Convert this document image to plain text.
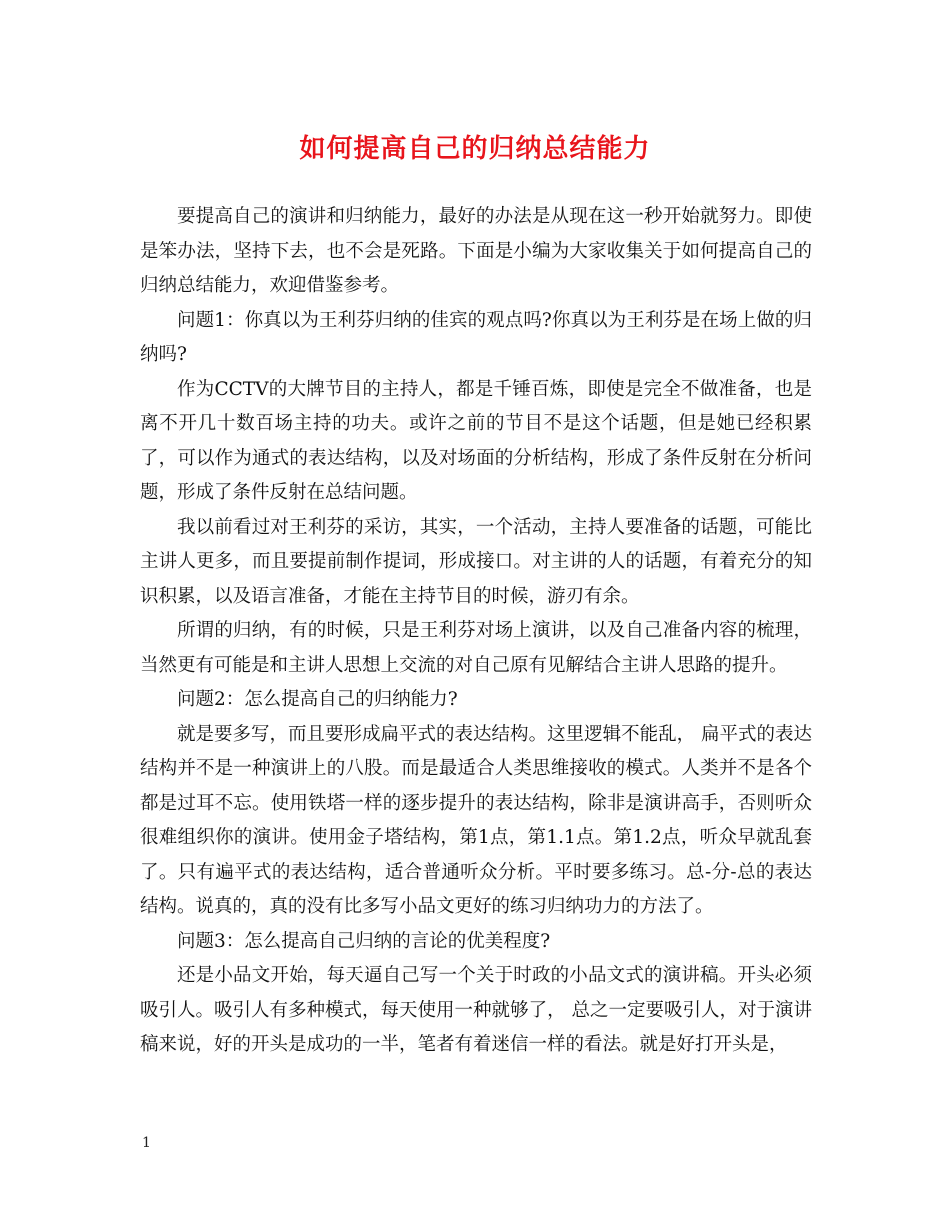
如何提高自己的归纳总结能力

要提高自己的演讲和归纳能力，最好的办法是从现在这一秒开始就努力。即使是笨办法，坚持下去，也不会是死路。下面是小编为大家收集关于如何提高自己的归纳总结能力，欢迎借鉴参考。

问题1：你真以为王利芬归纳的佳宾的观点吗?你真以为王利芬是在场上做的归纳吗?

作为CCTV的大牌节目的主持人，都是千锤百炼，即使是完全不做准备，也是离不开几十数百场主持的功夫。或许之前的节目不是这个话题，但是她已经积累了，可以作为通式的表达结构，以及对场面的分析结构，形成了条件反射在分析问题，形成了条件反射在总结问题。

我以前看过对王利芬的采访，其实，一个活动，主持人要准备的话题，可能比主讲人更多，而且要提前制作提词，形成接口。对主讲的人的话题，有着充分的知识积累，以及语言准备，才能在主持节目的时候，游刃有余。

所谓的归纳，有的时候，只是王利芬对场上演讲，以及自己准备内容的梳理，当然更有可能是和主讲人思想上交流的对自己原有见解结合主讲人思路的提升。

问题2：怎么提高自己的归纳能力?

就是要多写，而且要形成扁平式的表达结构。这里逻辑不能乱， 扁平式的表达结构并不是一种演讲上的八股。而是最适合人类思维接收的模式。人类并不是各个都是过耳不忘。使用铁塔一样的逐步提升的表达结构，除非是演讲高手，否则听众很难组织你的演讲。使用金子塔结构，第1点，第1.1点。第1.2点，听众早就乱套了。只有遍平式的表达结构，适合普通听众分析。平时要多练习。总-分-总的表达结构。说真的，真的没有比多写小品文更好的练习归纳功力的方法了。

问题3：怎么提高自己归纳的言论的优美程度?

还是小品文开始，每天逼自己写一个关于时政的小品文式的演讲稿。开头必须吸引人。吸引人有多种模式，每天使用一种就够了， 总之一定要吸引人，对于演讲稿来说，好的开头是成功的一半，笔者有着迷信一样的看法。就是好打开头是，

1
